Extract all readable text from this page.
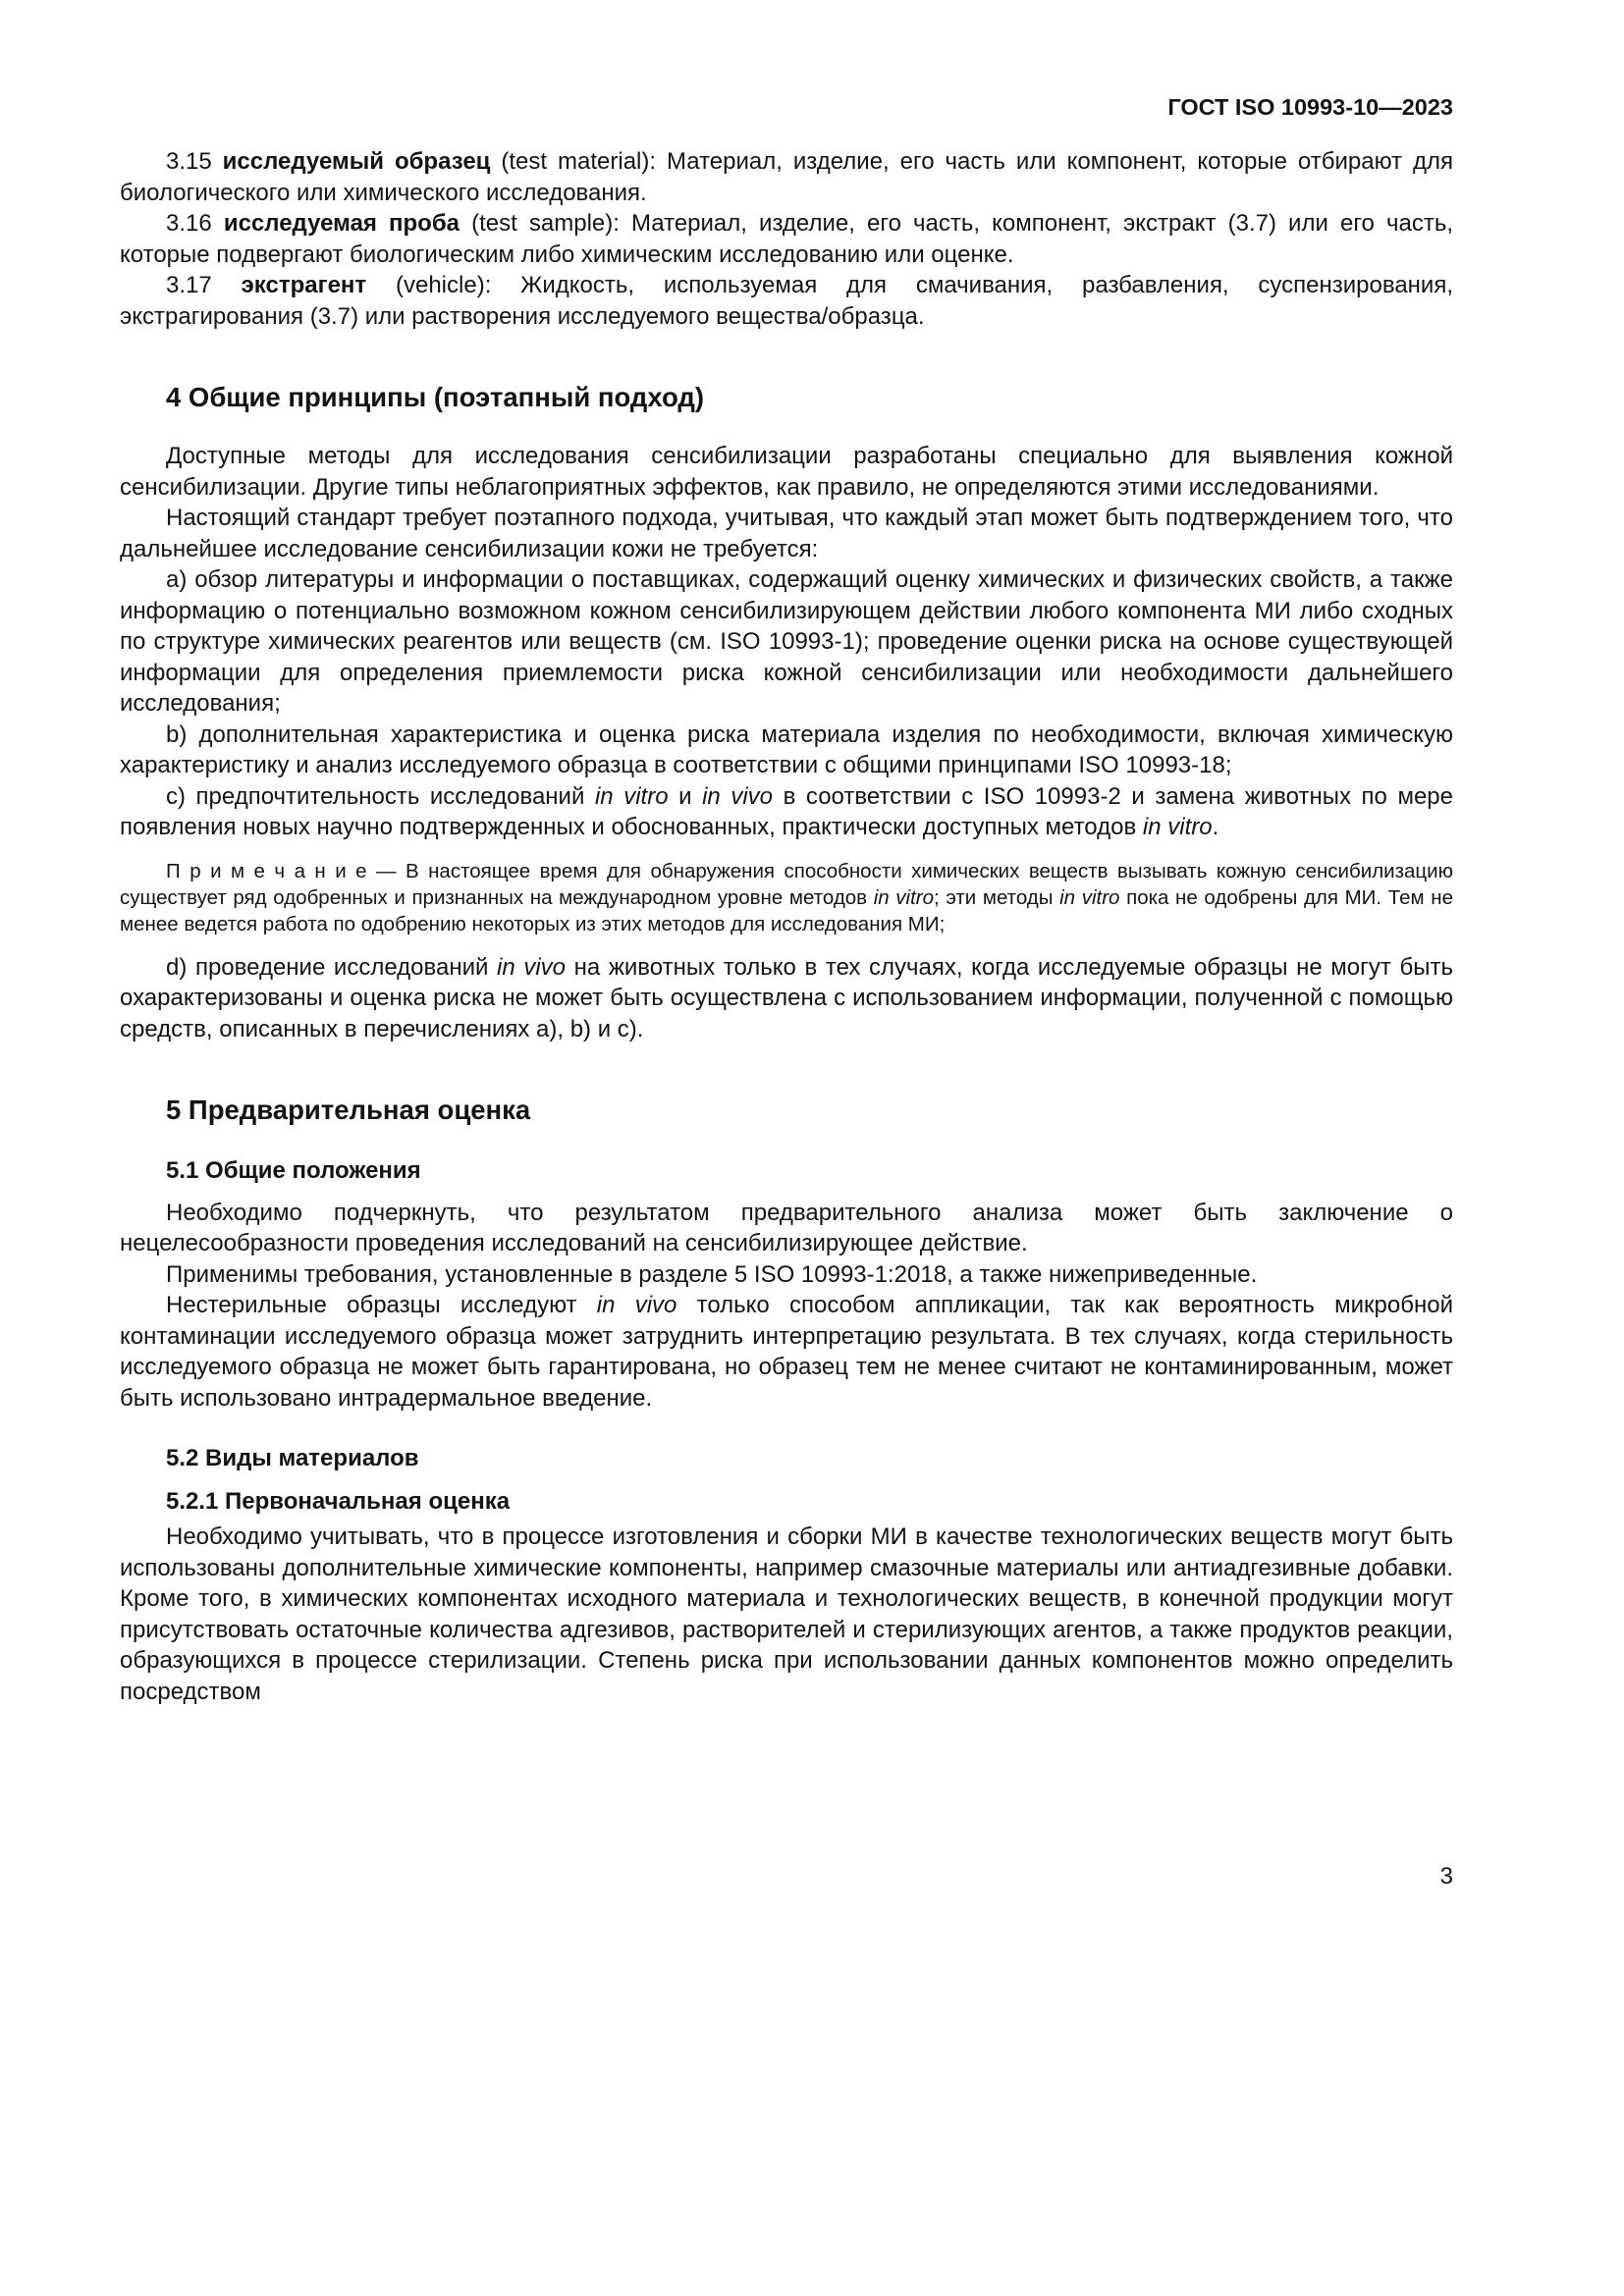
ГОСТ ISO 10993-10—2023
3.15 исследуемый образец (test material): Материал, изделие, его часть или компонент, которые отбирают для биологического или химического исследования.
3.16 исследуемая проба (test sample): Материал, изделие, его часть, компонент, экстракт (3.7) или его часть, которые подвергают биологическим либо химическим исследованию или оценке.
3.17 экстрагент (vehicle): Жидкость, используемая для смачивания, разбавления, суспензирования, экстрагирования (3.7) или растворения исследуемого вещества/образца.
4 Общие принципы (поэтапный подход)
Доступные методы для исследования сенсибилизации разработаны специально для выявления кожной сенсибилизации. Другие типы неблагоприятных эффектов, как правило, не определяются этими исследованиями.
Настоящий стандарт требует поэтапного подхода, учитывая, что каждый этап может быть подтверждением того, что дальнейшее исследование сенсибилизации кожи не требуется:
a) обзор литературы и информации о поставщиках, содержащий оценку химических и физических свойств, а также информацию о потенциально возможном кожном сенсибилизирующем действии любого компонента МИ либо сходных по структуре химических реагентов или веществ (см. ISO 10993-1); проведение оценки риска на основе существующей информации для определения приемлемости риска кожной сенсибилизации или необходимости дальнейшего исследования;
b) дополнительная характеристика и оценка риска материала изделия по необходимости, включая химическую характеристику и анализ исследуемого образца в соответствии с общими принципами ISO 10993-18;
c) предпочтительность исследований in vitro и in vivo в соответствии с ISO 10993-2 и замена животных по мере появления новых научно подтвержденных и обоснованных, практически доступных методов in vitro.
П р и м е ч а н и е — В настоящее время для обнаружения способности химических веществ вызывать кожную сенсибилизацию существует ряд одобренных и признанных на международном уровне методов in vitro; эти методы in vitro пока не одобрены для МИ. Тем не менее ведется работа по одобрению некоторых из этих методов для исследования МИ;
d) проведение исследований in vivo на животных только в тех случаях, когда исследуемые образцы не могут быть охарактеризованы и оценка риска не может быть осуществлена с использованием информации, полученной с помощью средств, описанных в перечислениях a), b) и c).
5 Предварительная оценка
5.1 Общие положения
Необходимо подчеркнуть, что результатом предварительного анализа может быть заключение о нецелесообразности проведения исследований на сенсибилизирующее действие.
Применимы требования, установленные в разделе 5 ISO 10993-1:2018, а также нижеприведенные.
Нестерильные образцы исследуют in vivo только способом аппликации, так как вероятность микробной контаминации исследуемого образца может затруднить интерпретацию результата. В тех случаях, когда стерильность исследуемого образца не может быть гарантирована, но образец тем не менее считают не контаминированным, может быть использовано интрадермальное введение.
5.2 Виды материалов
5.2.1 Первоначальная оценка
Необходимо учитывать, что в процессе изготовления и сборки МИ в качестве технологических веществ могут быть использованы дополнительные химические компоненты, например смазочные материалы или антиадгезивные добавки. Кроме того, в химических компонентах исходного материала и технологических веществ, в конечной продукции могут присутствовать остаточные количества адгезивов, растворителей и стерилизующих агентов, а также продуктов реакции, образующихся в процессе стерилизации. Степень риска при использовании данных компонентов можно определить посредством
3
